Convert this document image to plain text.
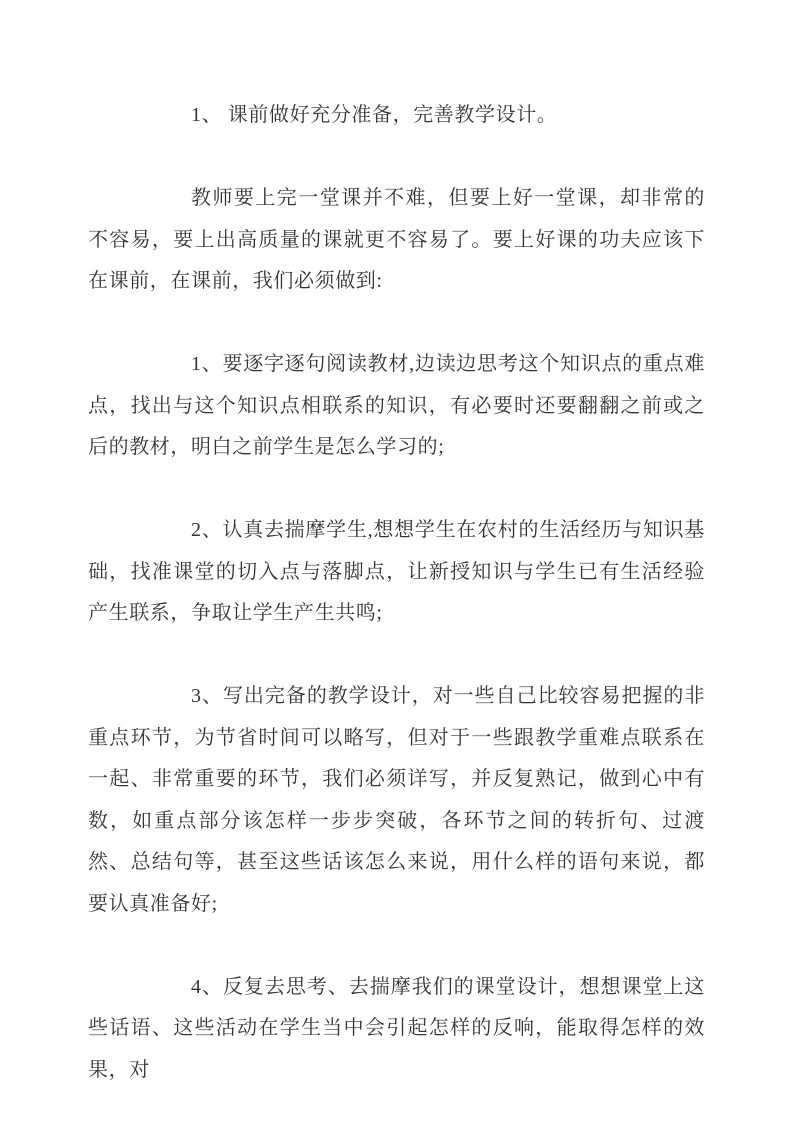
1、 课前做好充分准备，完善教学设计。

教师要上完一堂课并不难，但要上好一堂课，却非常的不容易，要上出高质量的课就更不容易了。要上好课的功夫应该下在课前，在课前，我们必须做到:

1、要逐字逐句阅读教材,边读边思考这个知识点的重点难点，找出与这个知识点相联系的知识，有必要时还要翻翻之前或之后的教材，明白之前学生是怎么学习的;

2、认真去揣摩学生,想想学生在农村的生活经历与知识基础，找准课堂的切入点与落脚点，让新授知识与学生已有生活经验产生联系，争取让学生产生共鸣;

3、写出完备的教学设计，对一些自己比较容易把握的非重点环节，为节省时间可以略写，但对于一些跟教学重难点联系在一起、非常重要的环节，我们必须详写，并反复熟记，做到心中有数，如重点部分该怎样一步步突破，各环节之间的转折句、过渡然、总结句等，甚至这些话该怎么来说，用什么样的语句来说，都要认真准备好;

4、反复去思考、去揣摩我们的课堂设计，想想课堂上这些话语、这些活动在学生当中会引起怎样的反响，能取得怎样的效果，对
